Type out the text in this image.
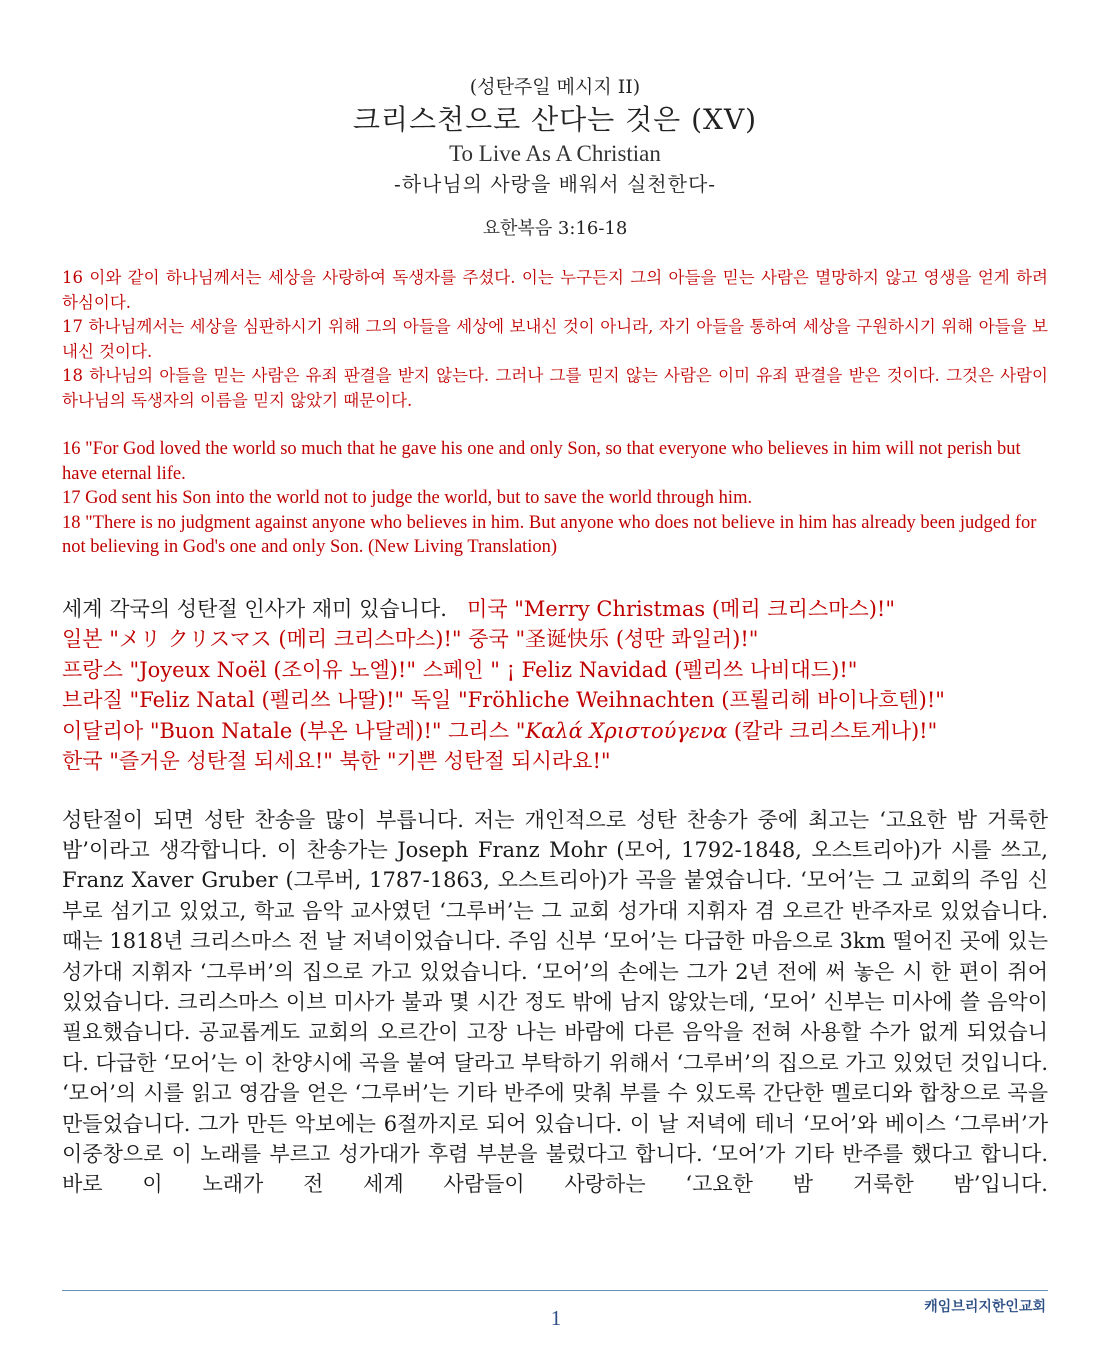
(성탄주일 메시지 II)
크리스천으로 산다는 것은 (XV)
To Live As A Christian
-하나님의 사랑을 배워서 실천한다-
요한복음 3:16-18

16 이와 같이 하나님께서는 세상을 사랑하여 독생자를 주셨다. 이는 누구든지 그의 아들을 믿는 사람은 멸망하지 않고 영생을 얻게 하려 하심이다.

17 하나님께서는 세상을 심판하시기 위해 그의 아들을 세상에 보내신 것이 아니라, 자기 아들을 통하여 세상을 구원하시기 위해 아들을 보내신 것이다.

18 하나님의 아들을 믿는 사람은 유죄 판결을 받지 않는다. 그러나 그를 믿지 않는 사람은 이미 유죄 판결을 받은 것이다. 그것은 사람이 하나님의 독생자의 이름을 믿지 않았기 때문이다.

16 "For God loved the world so much that he gave his one and only Son, so that everyone who believes in him will not perish but have eternal life.

17 God sent his Son into the world not to judge the world, but to save the world through him.

18 "There is no judgment against anyone who believes in him. But anyone who does not believe in him has already been judged for not believing in God's one and only Son. (New Living Translation)

세계 각국의 성탄절 인사가 재미 있습니다. 미국 "Merry Christmas (메리 크리스마스)!"
일본 "メリ クリスマス (메리 크리스마스)!" 중국 "圣诞快乐 (셩딴 콰일러)!"
프랑스 "Joyeux Noël (조이유 노엘)!" 스페인 " ¡ Feliz Navidad (펠리쓰 나비대드)!"
브라질 "Feliz Natal (펠리쓰 나딸)!" 독일 "Fröhliche Weihnachten (프뢸리헤 바이나흐텐)!"
이달리아 "Buon Natale (부온 나달레)!" 그리스 "Καλά Χριστούγενα (칼라 크리스토게나)!"
한국 "즐거운 성탄절 되세요!" 북한 "기쁜 성탄절 되시라요!"

성탄절이 되면 성탄 찬송을 많이 부릅니다. 저는 개인적으로 성탄 찬송가 중에 최고는 ‘고요한 밤 거룩한 밤’이라고 생각합니다. 이 찬송가는 Joseph Franz Mohr (모어, 1792-1848, 오스트리아)가 시를 쓰고, Franz Xaver Gruber (그루버, 1787-1863, 오스트리아)가 곡을 붙였습니다. ‘모어’는 그 교회의 주임 신부로 섬기고 있었고, 학교 음악 교사였던 ‘그루버’는 그 교회 성가대 지휘자 겸 오르간 반주자로 있었습니다. 때는 1818년 크리스마스 전 날 저녁이었습니다. 주임 신부 ‘모어’는 다급한 마음으로 3km 떨어진 곳에 있는 성가대 지휘자 ‘그루버’의 집으로 가고 있었습니다. ‘모어’의 손에는 그가 2년 전에 써 놓은 시 한 편이 쥐어 있었습니다. 크리스마스 이브 미사가 불과 몇 시간 정도 밖에 남지 않았는데, ‘모어’ 신부는 미사에 쓸 음악이 필요했습니다. 공교롭게도 교회의 오르간이 고장 나는 바람에 다른 음악을 전혀 사용할 수가 없게 되었습니다. 다급한 ‘모어’는 이 찬양시에 곡을 붙여 달라고 부탁하기 위해서 ‘그루버’의 집으로 가고 있었던 것입니다. ‘모어’의 시를 읽고 영감을 얻은 ‘그루버’는 기타 반주에 맞춰 부를 수 있도록 간단한 멜로디와 합창으로 곡을 만들었습니다. 그가 만든 악보에는 6절까지로 되어 있습니다. 이 날 저녁에 테너 ‘모어’와 베이스 ‘그루버’가 이중창으로 이 노래를 부르고 성가대가 후렴 부분을 불렀다고 합니다. ‘모어’가 기타 반주를 했다고 합니다. 바로 이 노래가 전 세계 사람들이 사랑하는 ‘고요한 밤 거룩한 밤’입니다.

캐임브리지한인교회
1
